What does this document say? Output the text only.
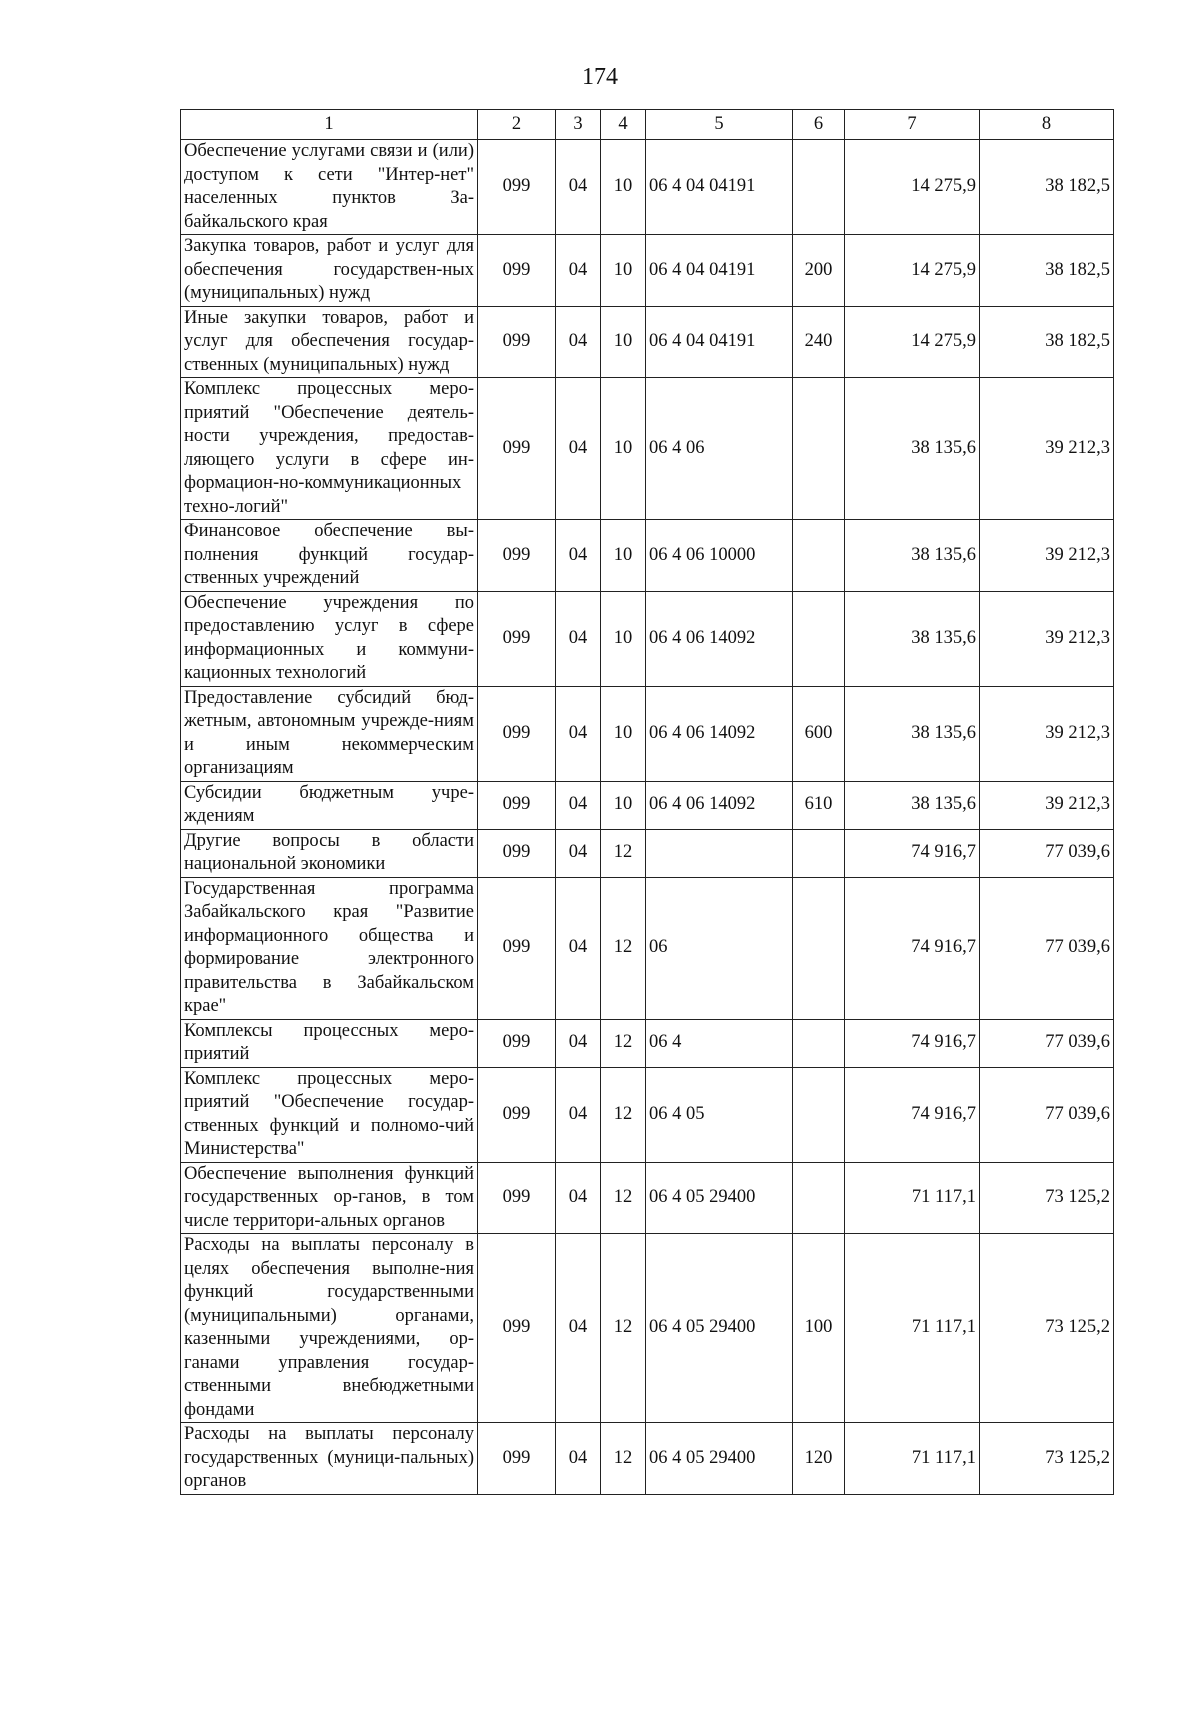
174
1	2	3	4	5	6	7	8
Обеспечение услугами связи и (или) доступом к сети "Интер-нет" населенных пунктов За-байкальского края	099	04	10	06 4 04 04191		14 275,9	38 182,5
Закупка товаров, работ и услуг для обеспечения государствен-ных (муниципальных) нужд	099	04	10	06 4 04 04191	200	14 275,9	38 182,5
Иные закупки товаров, работ и услуг для обеспечения государ-ственных (муниципальных) нужд	099	04	10	06 4 04 04191	240	14 275,9	38 182,5
Комплекс процессных меро-приятий "Обеспечение деятель-ности учреждения, предостав-ляющего услуги в сфере ин-формацион-но-коммуникационных техно-логий"	099	04	10	06 4 06		38 135,6	39 212,3
Финансовое обеспечение вы-полнения функций государ-ственных учреждений	099	04	10	06 4 06 10000		38 135,6	39 212,3
Обеспечение учреждения по предоставлению услуг в сфере информационных и коммуни-кационных технологий	099	04	10	06 4 06 14092		38 135,6	39 212,3
Предоставление субсидий бюд-жетным, автономным учрежде-ниям и иным некоммерческим организациям	099	04	10	06 4 06 14092	600	38 135,6	39 212,3
Субсидии бюджетным учре-ждениям	099	04	10	06 4 06 14092	610	38 135,6	39 212,3
Другие вопросы в области национальной экономики	099	04	12			74 916,7	77 039,6
Государственная программа Забайкальского края "Развитие информационного общества и формирование электронного правительства в Забайкальском крае"	099	04	12	06		74 916,7	77 039,6
Комплексы процессных меро-приятий	099	04	12	06 4		74 916,7	77 039,6
Комплекс процессных меро-приятий "Обеспечение государ-ственных функций и полномо-чий Министерства"	099	04	12	06 4 05		74 916,7	77 039,6
Обеспечение выполнения функций государственных ор-ганов, в том числе территори-альных органов	099	04	12	06 4 05 29400		71 117,1	73 125,2
Расходы на выплаты персоналу в целях обеспечения выполне-ния функций государственными (муниципальными) органами, казенными учреждениями, ор-ганами управления государ-ственными внебюджетными фондами	099	04	12	06 4 05 29400	100	71 117,1	73 125,2
Расходы на выплаты персоналу государственных (муници-пальных) органов	099	04	12	06 4 05 29400	120	71 117,1	73 125,2
